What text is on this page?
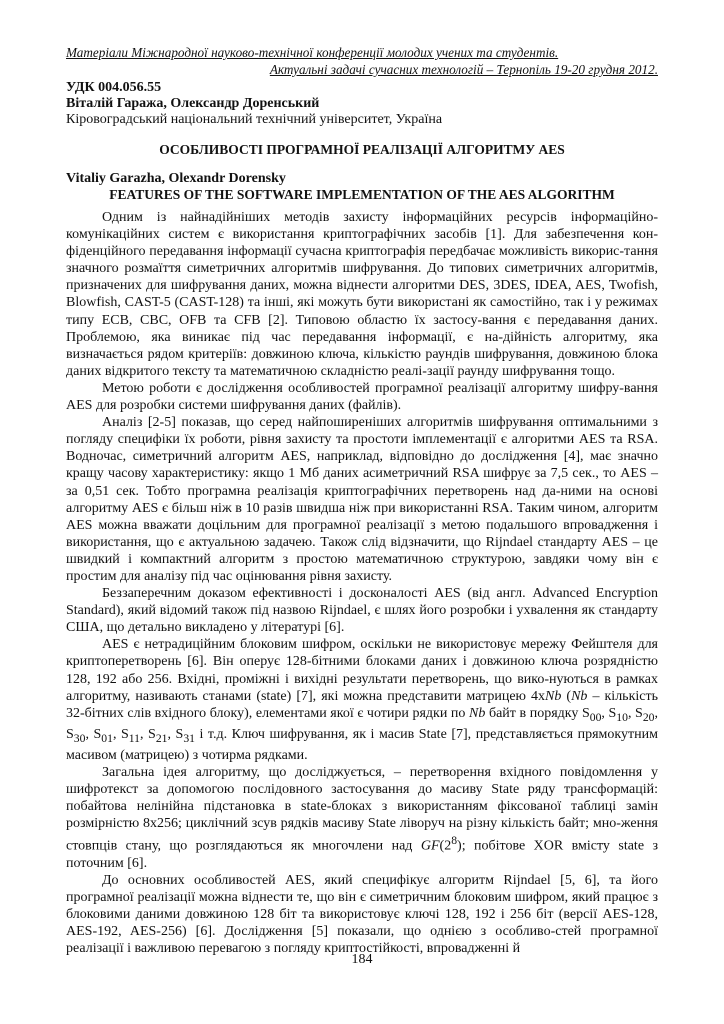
Матеріали Міжнародної науково-технічної конференції молодих учених та студентів.
Актуальні задачі сучасних технологій – Тернопіль 19-20 грудня 2012.
УДК 004.056.55
Віталій Гаража, Олександр Доренський
Кіровоградський національний технічний університет, Україна
ОСОБЛИВОСТІ ПРОГРАМНОЇ РЕАЛІЗАЦІЇ АЛГОРИТМУ AES
Vitaliy Garazha, Olexandr Dorensky
FEATURES OF THE SOFTWARE IMPLEMENTATION OF THE AES ALGORITHM

Одним із найнадійніших методів захисту інформаційних ресурсів інформаційно-комунікаційних систем є використання криптографічних засобів [1]. Для забезпечення кон-фіденційного передавання інформації сучасна криптографія передбачає можливість викорис-тання значного розмаїття симетричних алгоритмів шифрування. До типових симетричних алгоритмів, призначених для шифрування даних, можна віднести алгоритми DES, 3DES, IDEA, AES, Twofish, Blowfish, CAST-5 (CAST-128) та інші, які можуть бути використані як самостійно, так і у режимах типу ECB, CBC, OFB та CFB [2]. Типовою областю їх застосу-вання є передавання даних. Проблемою, яка виникає під час передавання інформації, є на-дійність алгоритму, яка визначається рядом критеріїв: довжиною ключа, кількістю раундів шифрування, довжиною блока даних відкритого тексту та математичною складністю реалі-зації раунду шифрування тощо.

Метою роботи є дослідження особливостей програмної реалізації алгоритму шифру-вання AES для розробки системи шифрування даних (файлів).

Аналіз [2-5] показав, що серед найпоширеніших алгоритмів шифрування оптимальними з погляду специфіки їх роботи, рівня захисту та простоти імплементації є алгоритми AES та RSA. Водночас, симетричний алгоритм AES, наприклад, відповідно до дослідження [4], має значно кращу часову характеристику: якщо 1 Мб даних асиметричний RSA шифрує за 7,5 сек., то AES – за 0,51 сек. Тобто програмна реалізація криптографічних перетворень над да-ними на основі алгоритму AES є більш ніж в 10 разів швидша ніж при використанні RSA. Таким чином, алгоритм AES можна вважати доцільним для програмної реалізації з метою подальшого впровадження і використання, що є актуальною задачею. Також слід відзначити, що Rijndael стандарту AES – це швидкий і компактний алгоритм з простою математичною структурою, завдяки чому він є простим для аналізу під час оцінювання рівня захисту.

Беззаперечним доказом ефективності і досконалості AES (від англ. Advanced Encryption Standard), який відомий також під назвою Rijndael, є шлях його розробки і ухвалення як стандарту США, що детально викладено у літературі [6].

AES є нетрадиційним блоковим шифром, оскільки не використовує мережу Фейштеля для криптоперетворень [6]. Він оперує 128-бітними блоками даних і довжиною ключа розрядністю 128, 192 або 256. Вхідні, проміжні і вихідні результати перетворень, що вико-нуються в рамках алгоритму, називають станами (state) [7], які можна представити матрицею 4xNb (Nb – кількість 32-бітних слів вхідного блоку), елементами якої є чотири рядки по Nb байт в порядку $S_{00}$, $S_{10}$, $S_{20}$, $S_{30}$, $S_{01}$, $S_{11}$, $S_{21}$, $S_{31}$ і т.д. Ключ шифрування, як і масив State [7], представляється прямокутним масивом (матрицею) з чотирма рядками.

Загальна ідея алгоритму, що досліджується, – перетворення вхідного повідомлення у шифротекст за допомогою послідовного застосування до масиву State ряду трансформацій: побайтова нелінійна підстановка в state-блоках з використанням фіксованої таблиці замін розмірністю 8x256; циклічний зсув рядків масиву State ліворуч на різну кількість байт; мно-ження стовпців стану, що розглядаються як многочлени над $GF(2^8)$; побітове XOR вмісту state з поточним [6].

До основних особливостей AES, який специфікує алгоритм Rijndael [5, 6], та його програмної реалізації можна віднести те, що він є симетричним блоковим шифром, який працює з блоковими даними довжиною 128 біт та використовує ключі 128, 192 і 256 біт (версії AES-128, AES-192, AES-256) [6]. Дослідження [5] показали, що однією з особливо-стей програмної реалізації і важливою перевагою з погляду криптостійкості, впровадженні й

184
